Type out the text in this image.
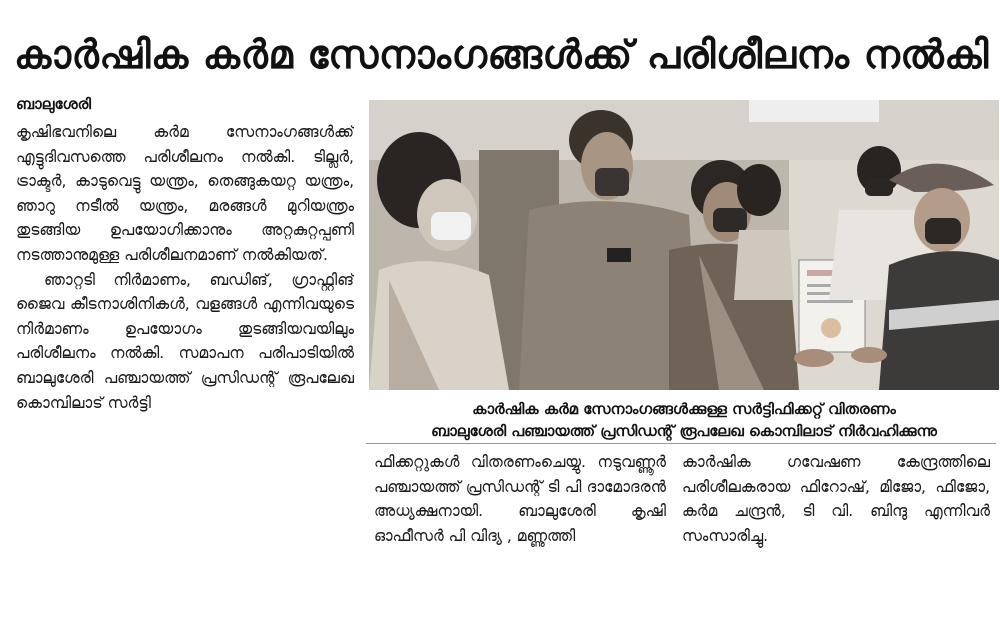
കാർഷിക കർമ സേനാംഗങ്ങൾക്ക് പരിശീലനം നൽകി
ബാലുശേരി

കൃഷിഭവനിലെ കർമ സേനാംഗങ്ങൾക്ക് എട്ടുദിവസത്തെ പരിശീലനം നൽകി. ടില്ലർ, ട്രാക്ടർ, കാടുവെട്ടു യന്ത്രം, തെങ്ങുകയറ്റ യന്ത്രം, ഞാറു നടീൽ യന്ത്രം, മരങ്ങൾ മുറിയന്ത്രം തുടങ്ങിയ ഉപയോഗിക്കാനും അറ്റകുറ്റപ്പണി നടത്താനുമുള്ള പരിശീലനമാണ് നൽകിയത്.

ഞാറ്റടി നിർമാണം, ബഡിങ്, ഗ്രാഫ്റ്റിങ് ജൈവ കീടനാശിനികൾ, വളങ്ങൾ എന്നിവയുടെ നിർമാണം ഉപയോഗം തുടങ്ങിയവയിലും പരിശീലനം നൽകി. സമാപന പരിപാടിയിൽ ബാലുശേരി പഞ്ചായത്ത് പ്രസിഡന്റ് രൂപലേഖ കൊമ്പിലാട് സർട്ടി	കാർഷിക കർമ സേനാംഗങ്ങൾക്കുള്ള സർട്ടിഫിക്കറ്റ് വിതരണം
ബാലുശേരി പഞ്ചായത്ത് പ്രസിഡന്റ് രൂപലേഖ കൊമ്പിലാട് നിർവഹിക്കുന്നു

ഫിക്കറ്റുകൾ വിതരണംചെയ്യു. നടുവണ്ണൂർ പഞ്ചായത്ത് പ്രസിഡന്റ് ടി പി ദാമോദരൻ അധ്യക്ഷനായി. ബാലുശേരി കൃഷി ഓഫീസർ പി വിദ്യ , മണ്ണുത്തി

കാർഷിക ഗവേഷണ കേന്ദ്രത്തിലെ പരിശീലകരായ ഫിറോഷ്, മിജോ, ഫിജോ, കർമ ചന്ദ്രൻ, ടി വി. ബിന്ദു എന്നിവർ സംസാരിച്ചു.
